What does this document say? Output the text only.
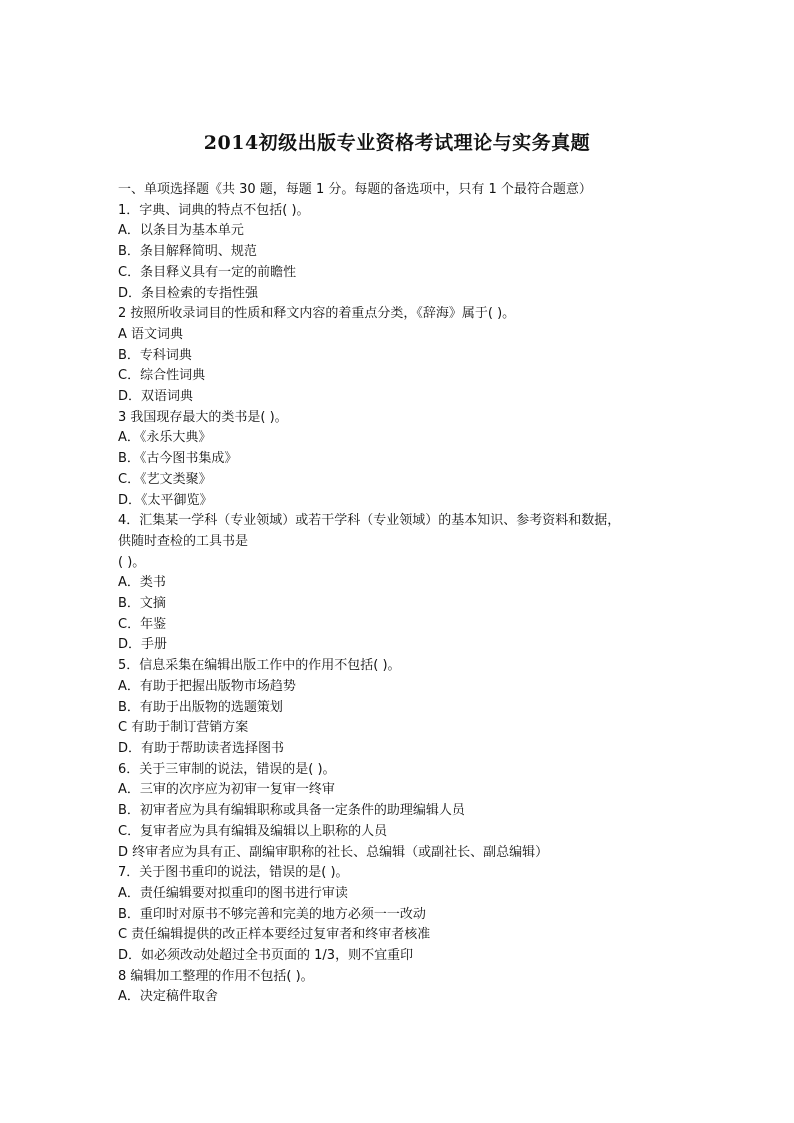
2014初级出版专业资格考试理论与实务真题

一、单项选择题《共 30 题，每题 1 分。每题的备选项中，只有 1 个最符合题意）

1．字典、词典的特点不包括( )。

A．以条目为基本单元

B．条目解释简明、规范

C．条目释义具有一定的前瞻性

D．条目检索的专指性强

2 按照所收录词目的性质和释文内容的着重点分类，《辞海》属于( )。

A 语文词典

B．专科词典

C．综合性词典

D．双语词典

3 我国现存最大的类书是( )。

A．《永乐大典》

B．《古今图书集成》

C．《艺文类聚》

D．《太平御览》

4．汇集某一学科（专业领域）或若干学科（专业领域）的基本知识、参考资料和数据，

供随时查检的工具书是

( )。

A．类书

B．文摘

C．年鉴

D．手册

5．信息采集在编辑出版工作中的作用不包括( )。

A．有助于把握出版物市场趋势

B．有助于出版物的选题策划

C 有助于制订营销方案

D．有助于帮助读者选择图书

6．关于三审制的说法，错误的是( )。

A．三审的次序应为初审一复审一终审

B．初审者应为具有编辑职称或具备一定条件的助理编辑人员

C．复审者应为具有编辑及编辑以上职称的人员

D 终审者应为具有正、副编审职称的社长、总编辑（或副社长、副总编辑）

7．关于图书重印的说法，错误的是( )。

A．责任编辑要对拟重印的图书进行审读

B．重印时对原书不够完善和完美的地方必须一一改动

C 责任编辑提供的改正样本要经过复审者和终审者核准

D．如必须改动处超过全书页面的 1/3，则不宜重印

8 编辑加工整理的作用不包括( )。

A．决定稿件取舍
